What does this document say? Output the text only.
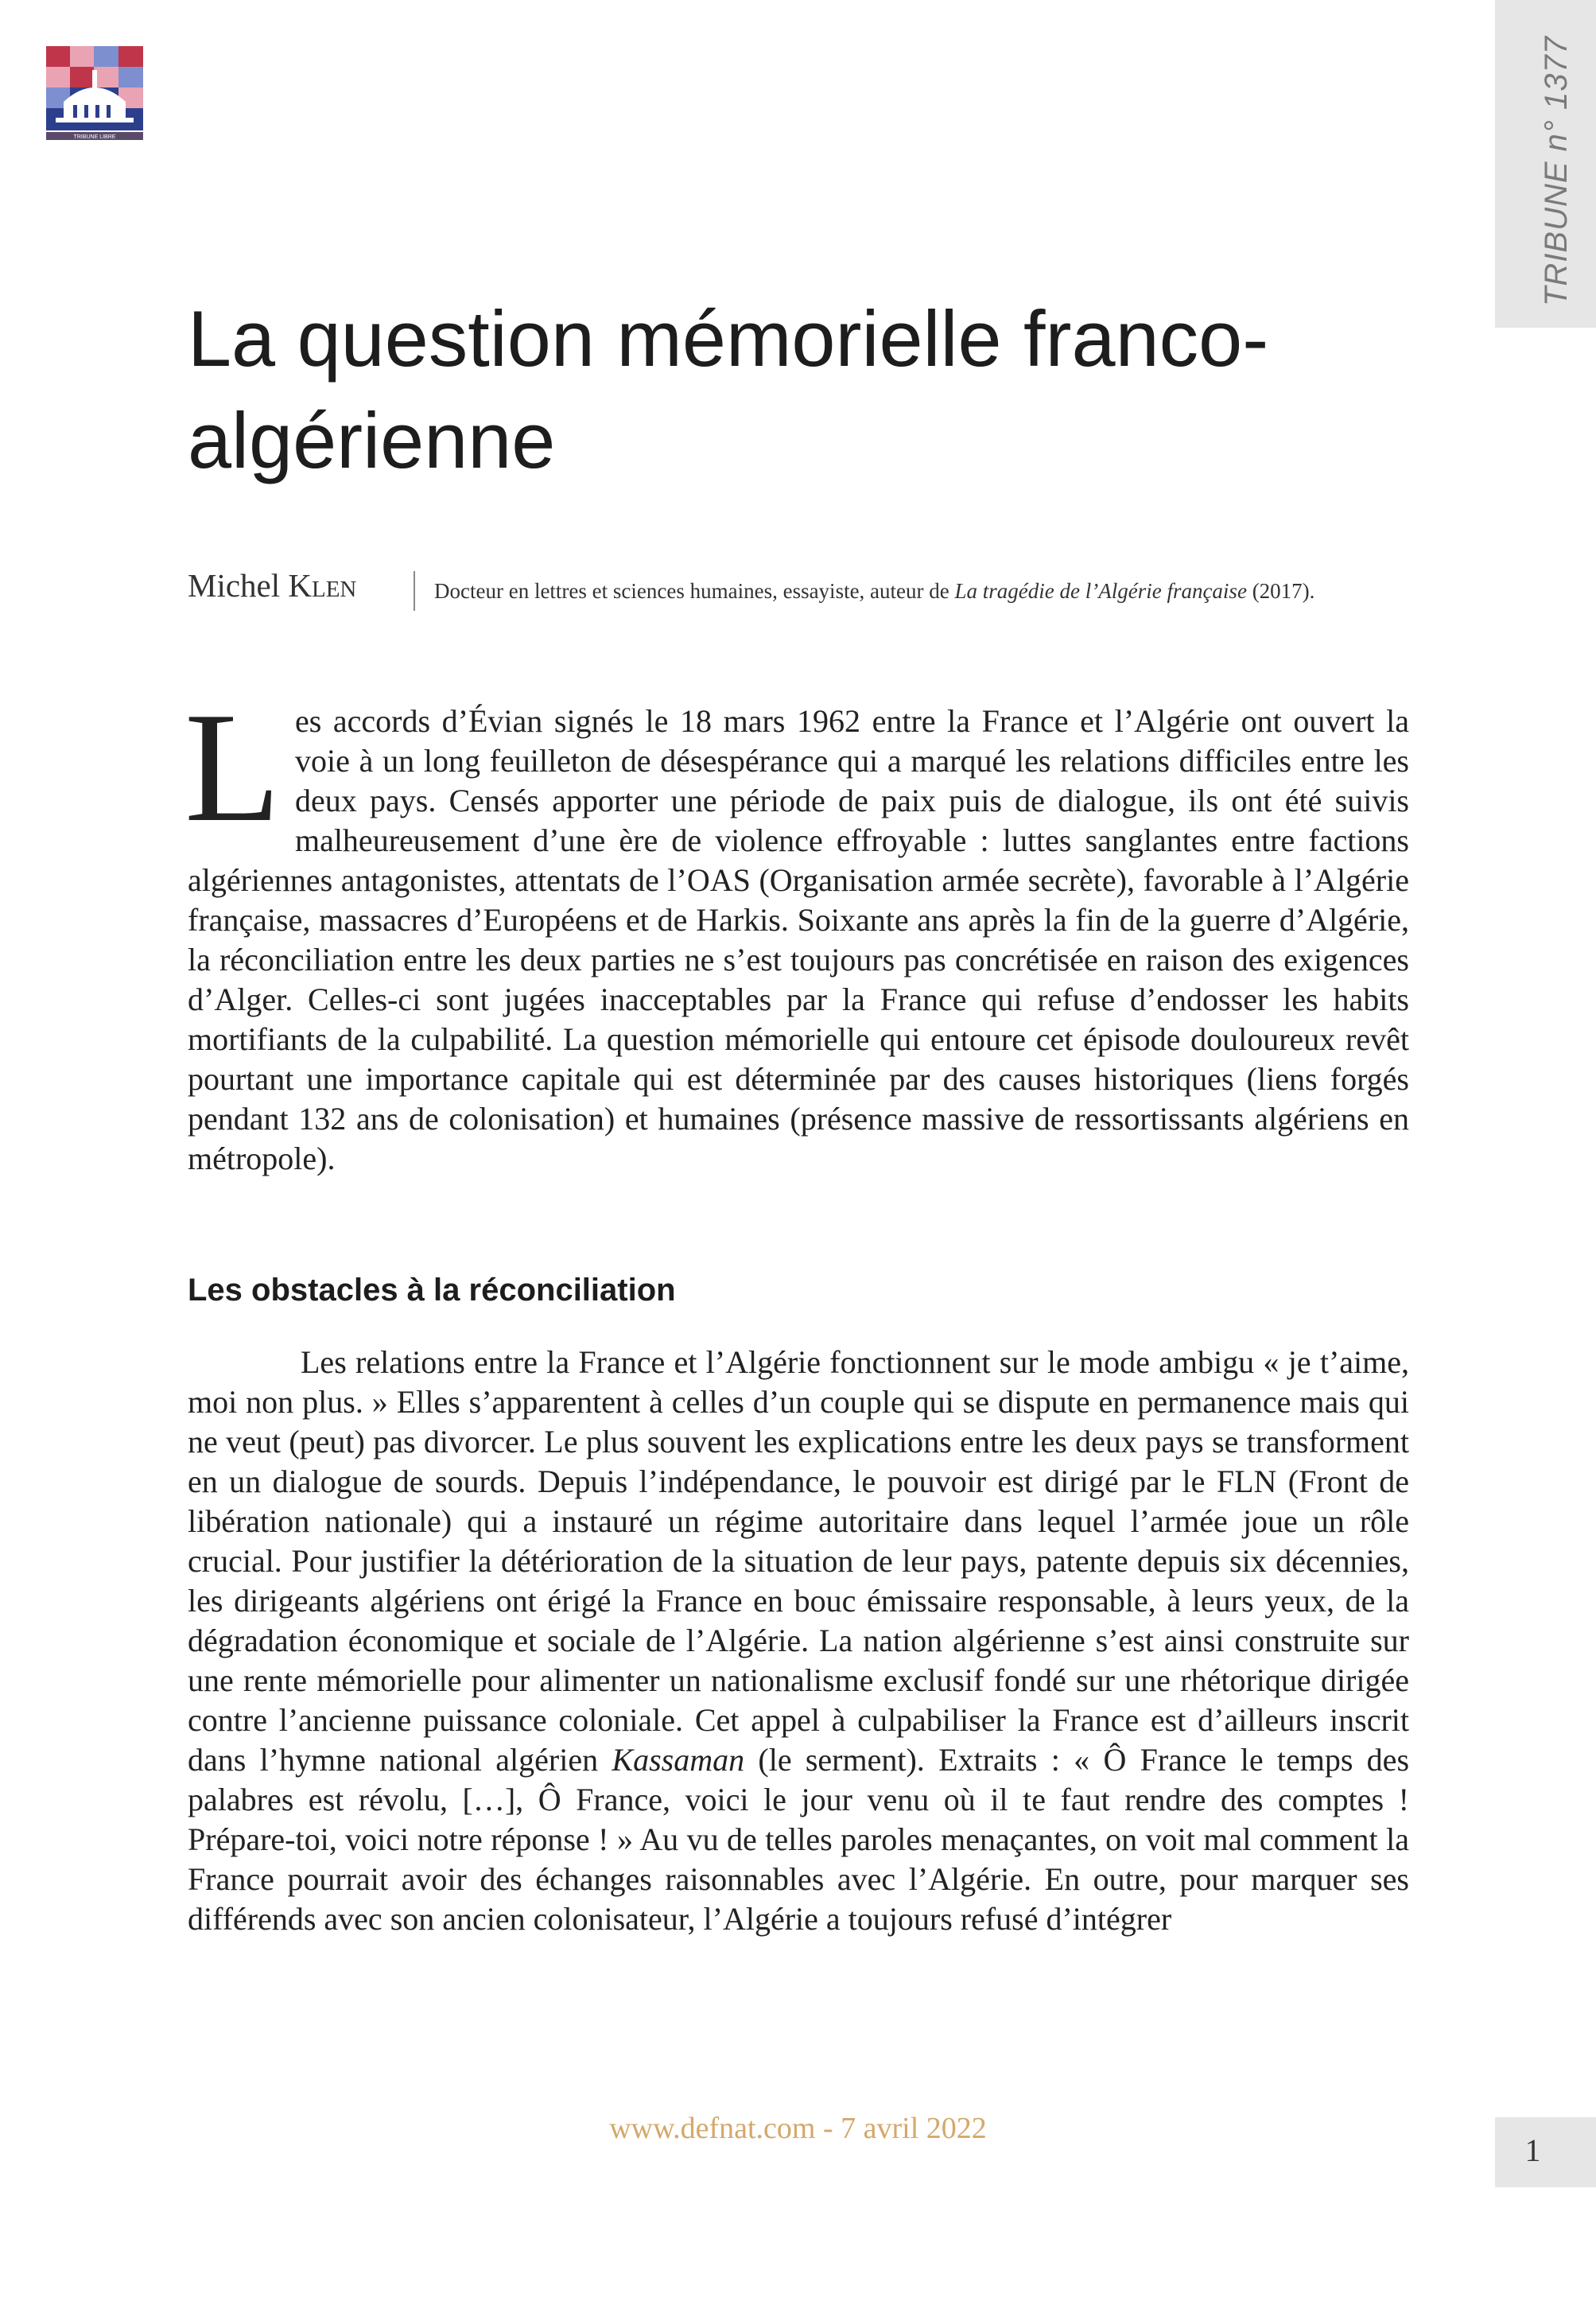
TRIBUNE LIBRE	TRIBUNE n° 1377
La question mémorielle franco-algérienne
Michel Klen	Docteur en lettres et sciences humaines, essayiste, auteur de La tragédie de l’Algérie française (2017).

Les accords d’Évian signés le 18 mars 1962 entre la France et l’Algérie ont ouvert la voie à un long feuilleton de désespérance qui a marqué les relations difficiles entre les deux pays. Censés apporter une période de paix puis de dialogue, ils ont été suivis malheureusement d’une ère de violence effroyable : luttes sanglantes entre factions algériennes antagonistes, attentats de l’OAS (Organisation armée secrète), favorable à l’Algérie française, massacres d’Européens et de Harkis. Soixante ans après la fin de la guerre d’Algérie, la réconciliation entre les deux parties ne s’est toujours pas concrétisée en raison des exigences d’Alger. Celles-ci sont jugées inacceptables par la France qui refuse d’endosser les habits mortifiants de la culpabilité. La question mémorielle qui entoure cet épisode douloureux revêt pourtant une importance capitale qui est déterminée par des causes historiques (liens forgés pendant 132 ans de colonisation) et humaines (présence massive de ressortissants algériens en métropole).

Les obstacles à la réconciliation

Les relations entre la France et l’Algérie fonctionnent sur le mode ambigu « je t’aime, moi non plus. » Elles s’apparentent à celles d’un couple qui se dispute en permanence mais qui ne veut (peut) pas divorcer. Le plus souvent les explications entre les deux pays se transforment en un dialogue de sourds. Depuis l’indépendance, le pouvoir est dirigé par le FLN (Front de libération nationale) qui a instauré un régime autoritaire dans lequel l’armée joue un rôle crucial. Pour justifier la détérioration de la situation de leur pays, patente depuis six décennies, les dirigeants algériens ont érigé la France en bouc émissaire responsable, à leurs yeux, de la dégradation économique et sociale de l’Algérie. La nation algérienne s’est ainsi construite sur une rente mémorielle pour alimenter un nationalisme exclusif fondé sur une rhétorique dirigée contre l’ancienne puissance coloniale. Cet appel à culpabiliser la France est d’ailleurs inscrit dans l’hymne national algérien Kassaman (le serment). Extraits : « Ô France le temps des palabres est révolu, […], Ô France, voici le jour venu où il te faut rendre des comptes ! Prépare-toi, voici notre réponse ! » Au vu de telles paroles menaçantes, on voit mal comment la France pourrait avoir des échanges raisonnables avec l’Algérie. En outre, pour marquer ses différends avec son ancien colonisateur, l’Algérie a toujours refusé d’intégrer

www.defnat.com - 7 avril 2022
1
